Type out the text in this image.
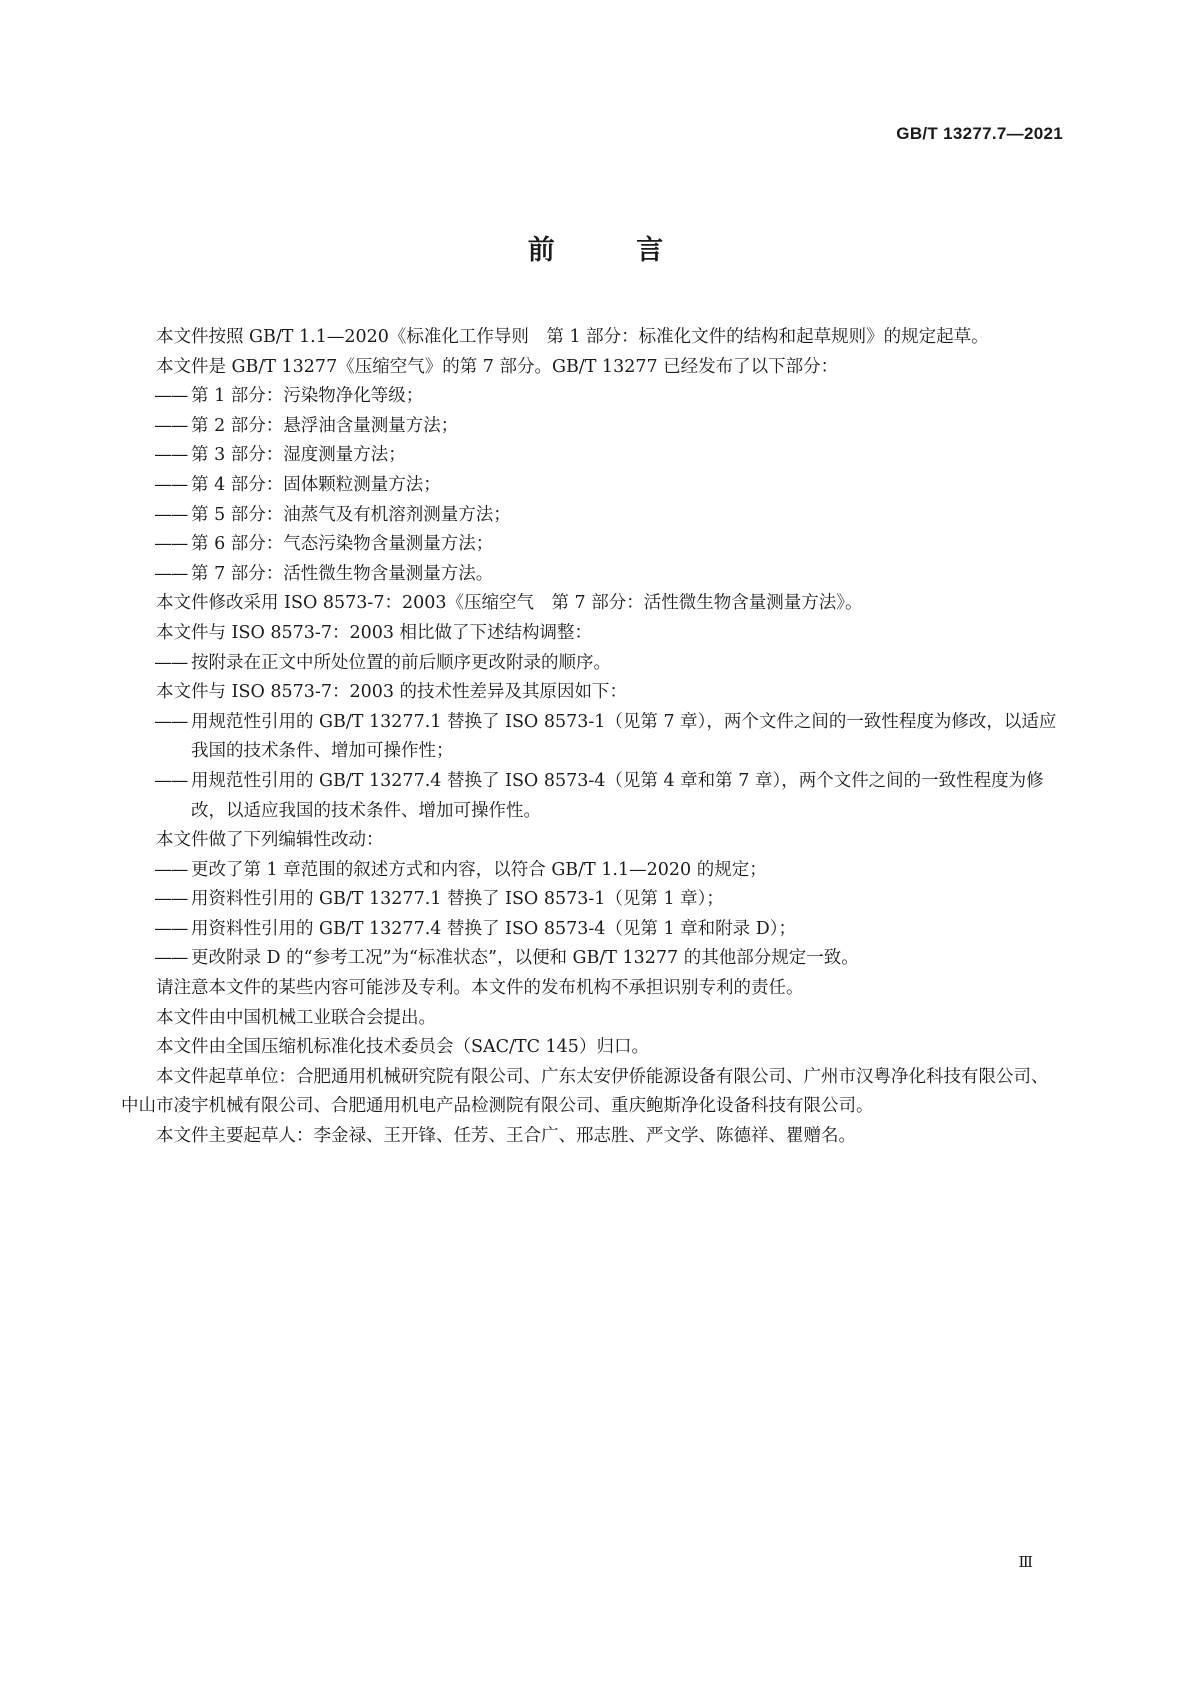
GB/T 13277.7—2021
前 言

本文件按照 GB/T 1.1—2020《标准化工作导则　第 1 部分：标准化文件的结构和起草规则》的规定起草。

本文件是 GB/T 13277《压缩空气》的第 7 部分。GB/T 13277 已经发布了以下部分：

—— 第 1 部分：污染物净化等级；

—— 第 2 部分：悬浮油含量测量方法；

—— 第 3 部分：湿度测量方法；

—— 第 4 部分：固体颗粒测量方法；

—— 第 5 部分：油蒸气及有机溶剂测量方法；

—— 第 6 部分：气态污染物含量测量方法；

—— 第 7 部分：活性微生物含量测量方法。

本文件修改采用 ISO 8573-7：2003《压缩空气　第 7 部分：活性微生物含量测量方法》。

本文件与 ISO 8573-7：2003 相比做了下述结构调整：

—— 按附录在正文中所处位置的前后顺序更改附录的顺序。

本文件与 ISO 8573-7：2003 的技术性差异及其原因如下：

—— 用规范性引用的 GB/T 13277.1 替换了 ISO 8573-1（见第 7 章），两个文件之间的一致性程度为修改，以适应我国的技术条件、增加可操作性；

—— 用规范性引用的 GB/T 13277.4 替换了 ISO 8573-4（见第 4 章和第 7 章），两个文件之间的一致性程度为修改，以适应我国的技术条件、增加可操作性。

本文件做了下列编辑性改动：

—— 更改了第 1 章范围的叙述方式和内容，以符合 GB/T 1.1—2020 的规定；

—— 用资料性引用的 GB/T 13277.1 替换了 ISO 8573-1（见第 1 章）；

—— 用资料性引用的 GB/T 13277.4 替换了 ISO 8573-4（见第 1 章和附录 D）；

—— 更改附录 D 的“参考工况”为“标准状态”，以便和 GB/T 13277 的其他部分规定一致。

请注意本文件的某些内容可能涉及专利。本文件的发布机构不承担识别专利的责任。

本文件由中国机械工业联合会提出。

本文件由全国压缩机标准化技术委员会（SAC/TC 145）归口。

本文件起草单位：合肥通用机械研究院有限公司、广东太安伊侨能源设备有限公司、广州市汉粤净化科技有限公司、中山市凌宇机械有限公司、合肥通用机电产品检测院有限公司、重庆鲍斯净化设备科技有限公司。

本文件主要起草人：李金禄、王开锋、任芳、王合广、邢志胜、严文学、陈德祥、瞿赠名。

Ⅲ
